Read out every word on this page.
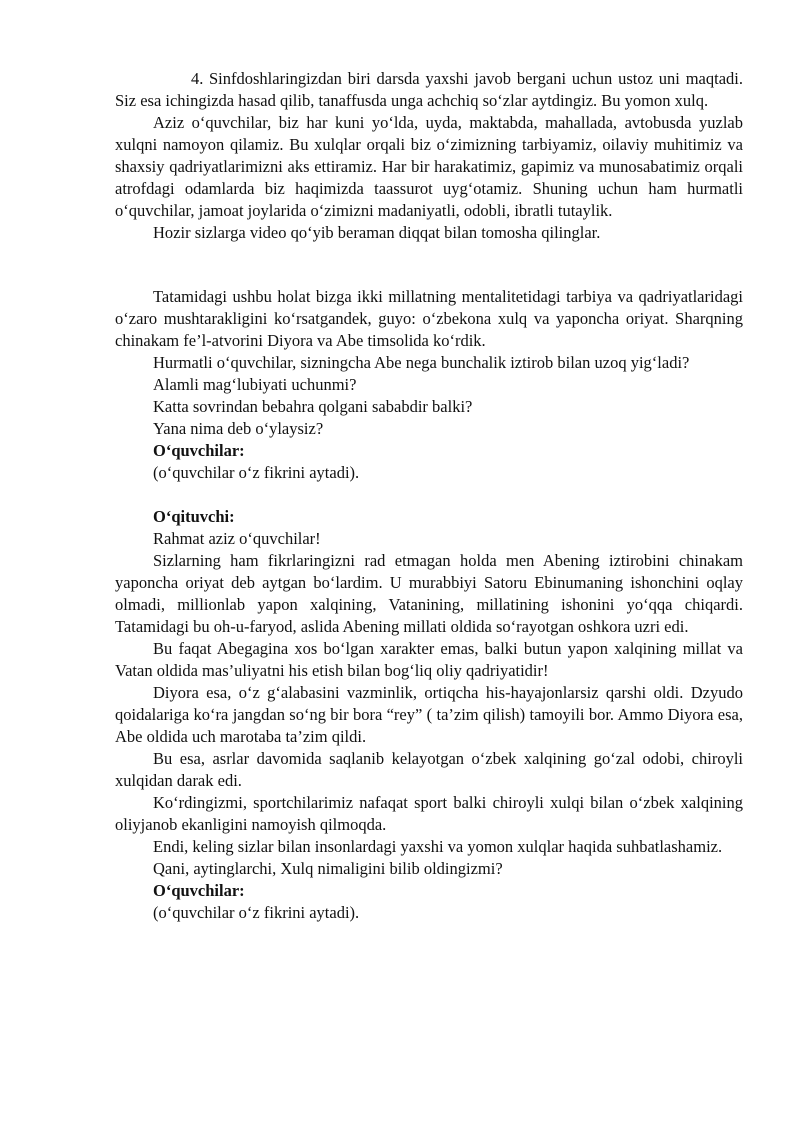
4. Sinfdoshlaringizdan biri darsda yaxshi javob bergani uchun ustoz uni maqtadi. Siz esa ichingizda hasad qilib, tanaffusda unga achchiq so‘zlar aytdingiz. Bu yomon xulq.

Aziz o‘quvchilar, biz har kuni yo‘lda, uyda, maktabda, mahallada, avtobusda yuzlab xulqni namoyon qilamiz. Bu xulqlar orqali biz o‘zimizning tarbiyamiz, oilaviy muhitimiz va shaxsiy qadriyatlarimizni aks ettiramiz. Har bir harakatimiz, gapimiz va munosabatimiz orqali atrofdagi odamlarda biz haqimizda taassurot uyg‘otamiz. Shuning uchun ham hurmatli o‘quvchilar, jamoat joylarida o‘zimizni madaniyatli, odobli, ibratli tutaylik.

Hozir sizlarga video qo‘yib beraman diqqat bilan tomosha qilinglar.

Tatamidagi ushbu holat bizga ikki millatning mentalitetidagi tarbiya va qadriyatlaridagi o‘zaro mushtarakligini ko‘rsatgandek, guyo: o‘zbekona xulq va yaponcha oriyat. Sharqning chinakam fe’l-atvorini Diyora va Abe timsolida ko‘rdik.

Hurmatli o‘quvchilar, sizningcha Abe nega bunchalik iztirob bilan uzoq yig‘ladi?

Alamli mag‘lubiyati uchunmi?

Katta sovrindan bebahra qolgani sababdir balki?

Yana nima deb o‘ylaysiz?

O‘quvchilar:

(o‘quvchilar o‘z fikrini aytadi).

O‘qituvchi:

Rahmat aziz o‘quvchilar!

Sizlarning ham fikrlaringizni rad etmagan holda men Abening iztirobini chinakam yaponcha oriyat deb aytgan bo‘lardim. U murabbiyi Satoru Ebinumaning ishonchini oqlay olmadi, millionlab yapon xalqining, Vatanining, millatining ishonini yo‘qqa chiqardi. Tatamidagi bu oh-u-faryod, aslida Abening millati oldida so‘rayotgan oshkora uzri edi.

Bu faqat Abegagina xos bo‘lgan xarakter emas, balki butun yapon xalqining millat va Vatan oldida mas’uliyatni his etish bilan bog‘liq oliy qadriyatidir!

Diyora esa, o‘z g‘alabasini vazminlik, ortiqcha his-hayajonlarsiz qarshi oldi. Dzyudo qoidalariga ko‘ra jangdan so‘ng bir bora “rey” ( ta’zim qilish) tamoyili bor. Ammo Diyora esa, Abe oldida uch marotaba ta’zim qildi.

Bu esa, asrlar davomida saqlanib kelayotgan o‘zbek xalqining go‘zal odobi, chiroyli xulqidan darak edi.

Ko‘rdingizmi, sportchilarimiz nafaqat sport balki chiroyli xulqi bilan o‘zbek xalqining oliyjanob ekanligini namoyish qilmoqda.

Endi, keling sizlar bilan insonlardagi yaxshi va yomon xulqlar haqida suhbatlashamiz.

Qani, aytinglarchi, Xulq nimaligini bilib oldingizmi?

O‘quvchilar:

(o‘quvchilar o‘z fikrini aytadi).
